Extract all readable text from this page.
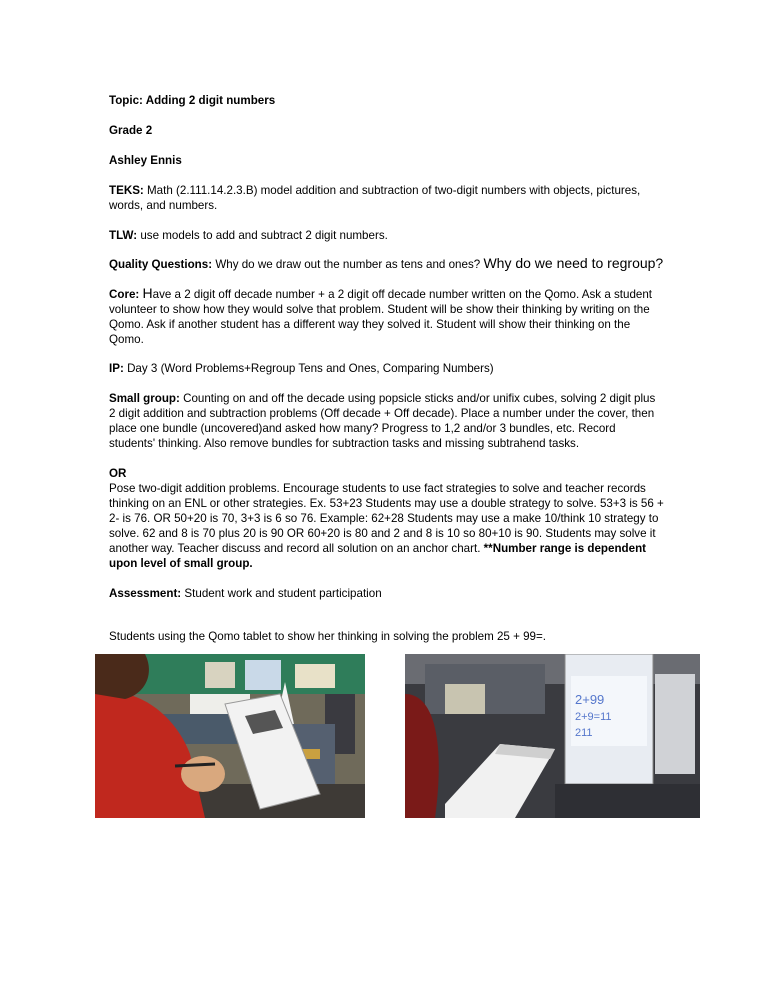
Topic: Adding 2 digit numbers

Grade 2

Ashley Ennis

TEKS: Math (2.111.14.2.3.B) model addition and subtraction of two-digit numbers with objects, pictures, words, and numbers.

TLW: use models to add and subtract 2 digit numbers.

Quality Questions: Why do we draw out the number as tens and ones? Why do we need to regroup?

Core: Have a 2 digit off decade number + a 2 digit off decade number written on the Qomo. Ask a student volunteer to show how they would solve that problem. Student will be show their thinking by writing on the Qomo. Ask if another student has a different way they solved it. Student will show their thinking on the Qomo.

IP: Day 3 (Word Problems+Regroup Tens and Ones, Comparing Numbers)

Small group: Counting on and off the decade using popsicle sticks and/or unifix cubes, solving 2 digit plus 2 digit addition and subtraction problems (Off decade + Off decade). Place a number under the cover, then place one bundle (uncovered)and asked how many? Progress to 1,2 and/or 3 bundles, etc. Record students' thinking. Also remove bundles for subtraction tasks and missing subtrahend tasks.

OR

Pose two-digit addition problems. Encourage students to use fact strategies to solve and teacher records thinking on an ENL or other strategies. Ex. 53+23 Students may use a double strategy to solve. 53+3 is 56 + 2- is 76. OR 50+20 is 70, 3+3 is 6 so 76. Example: 62+28 Students may use a make 10/think 10 strategy to solve. 62 and 8 is 70 plus 20 is 90 OR 60+20 is 80 and 2 and 8 is 10 so 80+10 is 90. Students may solve it another way. Teacher discuss and record all solution on an anchor chart. **Number range is dependent upon level of small group.

Assessment: Student work and student participation

Students using the Qomo tablet to show her thinking in solving the problem 25 + 99=.

2+99
2+9=11
211
